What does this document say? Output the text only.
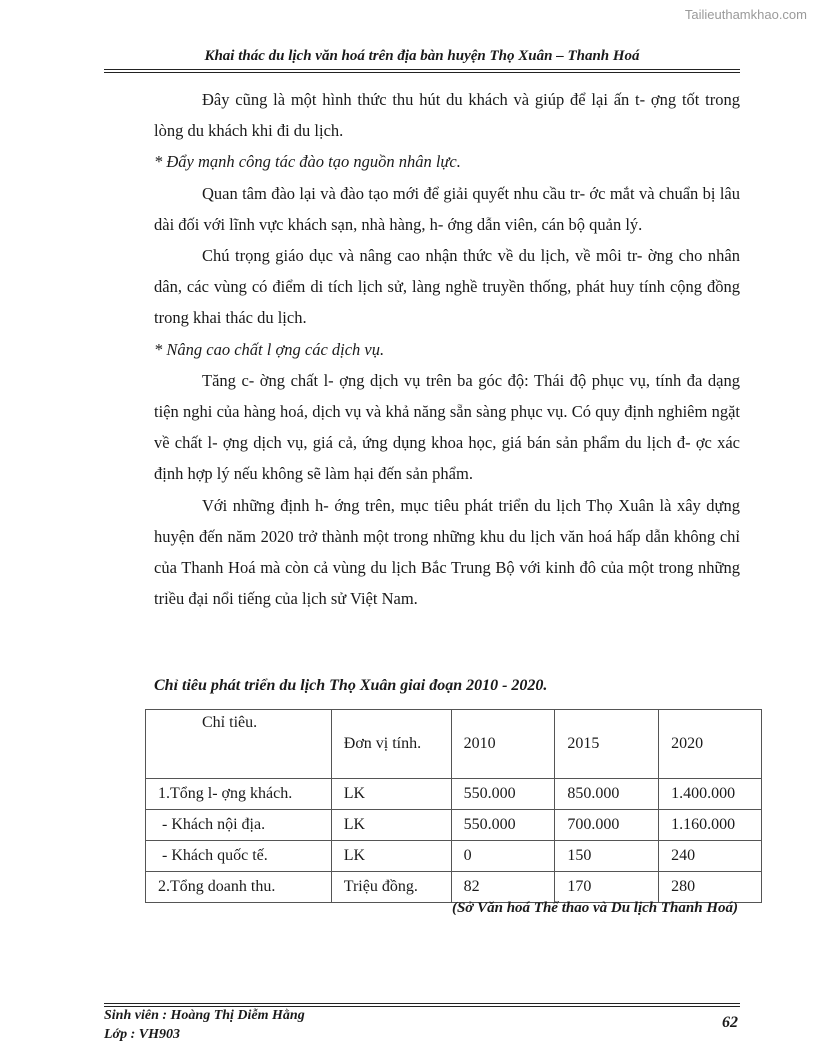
Tailieuthamkhao.com
Khai thác du lịch văn hoá trên địa bàn huyện Thọ Xuân – Thanh Hoá

Đây cũng là một hình thức thu hút du khách và giúp để lại ấn t- ợng tốt trong lòng du khách khi đi du lịch.

* Đẩy mạnh công tác đào tạo nguồn nhân lực.

Quan tâm đào lại và đào tạo mới để giải quyết nhu cầu tr- ớc mắt và chuẩn bị lâu dài đối với lĩnh vực khách sạn, nhà hàng, h- ớng dẫn viên, cán bộ quản lý.

Chú trọng giáo dục và nâng cao nhận thức về du lịch, về môi tr- ờng cho nhân dân, các vùng có điểm di tích lịch sử, làng nghề truyền thống, phát huy tính cộng đồng trong khai thác du lịch.

* Nâng cao chất l ợng các dịch vụ.

Tăng c- ờng chất l- ợng dịch vụ trên ba góc độ: Thái độ phục vụ, tính đa dạng tiện nghi của hàng hoá, dịch vụ và khả năng sẵn sàng phục vụ. Có quy định nghiêm ngặt về chất l- ợng dịch vụ, giá cả, ứng dụng khoa học, giá bán sản phẩm du lịch đ- ợc xác định hợp lý nếu không sẽ làm hại đến sản phẩm.

Với những định h- ớng trên, mục tiêu phát triển du lịch Thọ Xuân là xây dựng huyện đến năm 2020 trở thành một trong những khu du lịch văn hoá hấp dẫn không chỉ của Thanh Hoá mà còn cả vùng du lịch Bắc Trung Bộ với kinh đô của một trong những triều đại nổi tiếng của lịch sử Việt Nam.

Chỉ tiêu phát triển du lịch Thọ Xuân giai đoạn 2010 - 2020.
Chỉ tiêu.	Đơn vị tính.	2010	2015	2020
1.Tổng l- ợng khách.	LK	550.000	850.000	1.400.000
- Khách nội địa.	LK	550.000	700.000	1.160.000
- Khách quốc tế.	LK	0	150	240
2.Tổng doanh thu.	Triệu đồng.	82	170	280
(Sở Văn hoá Thể thao và Du lịch Thanh Hoá)
Sinh viên : Hoàng Thị Diễm Hằng
Lớp : VH903
62
